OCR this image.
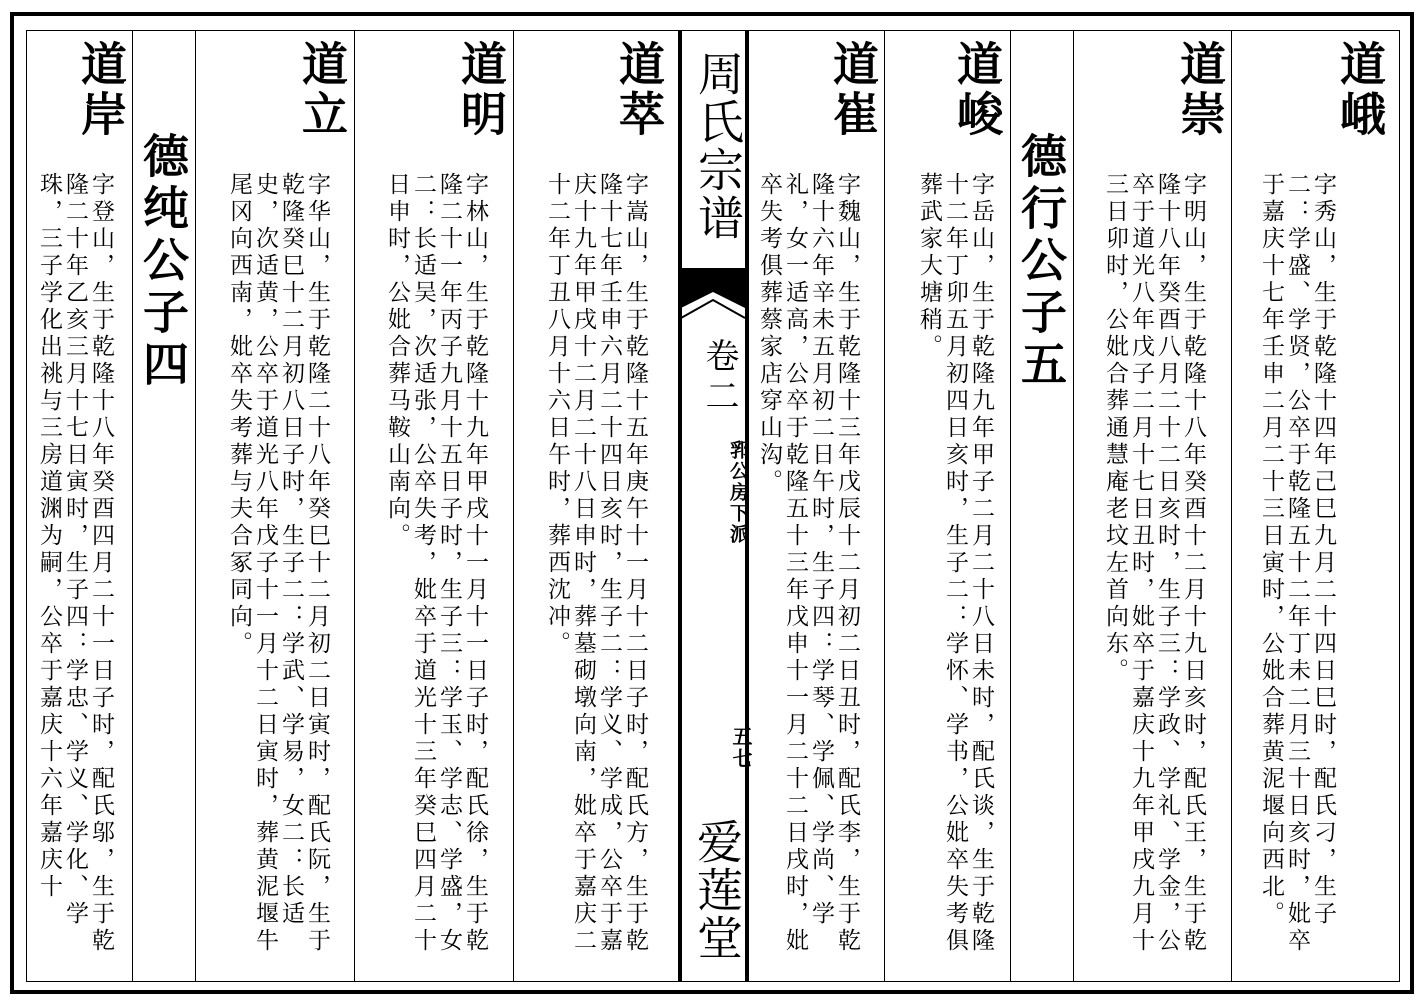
道峨
字秀山，生于乾隆十四年己巳九月二十四日巳时，配氏刁，生子二：学盛、学贤，公卒于乾隆五十二年丁未二月三十日亥时，妣卒于嘉庆十七年壬申二月二十三日寅时，公妣合葬黄泥堰向西北。
道崇
字明山，生于乾隆十八年癸酉十二月十九日亥时，配氏王，生于乾隆十八年癸酉八月二十二日亥时，生子三：学政、学礼、学金，公卒于道光八年戊子二月十七日丑时，妣卒于嘉庆十九年甲戌九月十三日卯时，公妣合葬通慧庵老坟左首向东。
德行公子五
道峻
字岳山，生于乾隆九年甲子二月二十八日未时，配氏谈，生于乾隆十二年丁卯五月初四日亥时，生子二：学怀、学书，公妣卒失考俱葬武家大塘稍。
道崔
字魏山，生于乾隆十三年戊辰十二月初二日丑时，配氏李，生于乾隆十六年辛未五月初二日午时，生子四：学琴、学佩、学尚、学礼，女一适高，公卒于乾隆五十三年戊申十一月二十二日戌时，妣卒失考俱葬蔡家店穿山沟。
周氏宗谱
卷二
郛公房下派
五七
爱莲堂
道萃
字嵩山，生于乾隆十五年庚午十一月十二日子时，配氏方，生于乾隆十七年壬申六月二十四日亥时，生子二：学义、学成，公卒于嘉庆十九年甲戌十二月二十八日申时，葬墓砌墩向南，妣卒于嘉庆二十二年丁丑八月十六日午时，葬西沈冲。
道明
字林山，生于乾隆十九年甲戌十一月十一日子时，配氏徐，生于乾隆二十一年丙子九月十五日子时，生子三：学玉、学志、学盛，女二：长适吴，次适张，公卒失考，妣卒于道光十三年癸巳四月二十日申时，公妣合葬马鞍山南向。
道立
字华山，生于乾隆二十八年癸巳十二月初二日寅时，配氏阮，生于乾隆癸巳十二月初八日子时，生子二：学武、学易，女二：长适史，次适黄，公卒于道光八年戊子十一月十二日寅时，葬黄泥堰牛尾冈向西南，妣卒失考葬与夫合冢同向。
德纯公子四
道岸
字登山，生于乾隆十八年癸酉四月二十一日子时，配氏邬，生于乾隆二十年乙亥三月十七日寅时，生子四：学忠、学义、学化、学珠，三子学化出祧与三房道渊为嗣，公卒于嘉庆十六年嘉庆十
